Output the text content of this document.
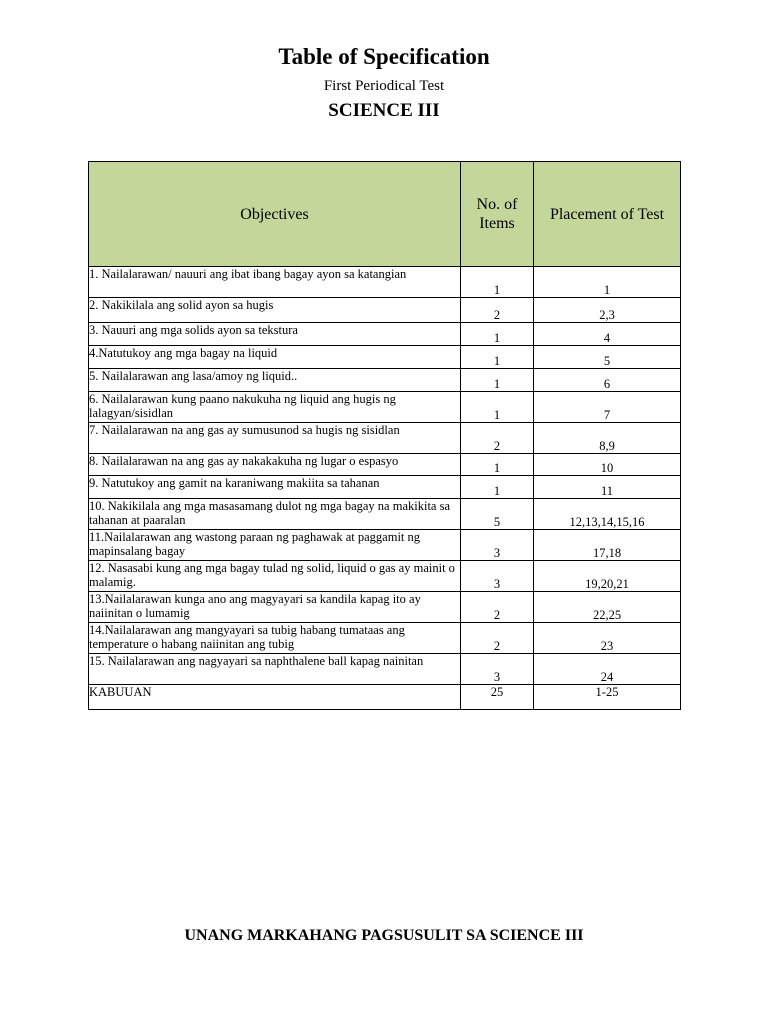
Table of Specification
First Periodical Test
SCIENCE III
Objectives	No. of Items	Placement of Test
1. Nailalarawan/ nauuri ang ibat ibang bagay ayon sa katangian	1	1
2. Nakikilala ang solid ayon sa hugis	2	2,3
3. Nauuri ang mga solids ayon sa tekstura	1	4
4.Natutukoy ang mga bagay na liquid	1	5
5. Nailalarawan ang lasa/amoy ng liquid..	1	6
6. Nailalarawan kung paano nakukuha ng liquid ang hugis ng lalagyan/sisidlan	1	7
7. Nailalarawan na ang gas ay sumusunod sa hugis ng sisidlan	2	8,9
8. Nailalarawan na ang gas ay nakakakuha ng lugar o espasyo	1	10
9. Natutukoy ang gamit na karaniwang makiita sa tahanan	1	11
10. Nakikilala ang mga masasamang dulot ng mga bagay na makikita sa tahanan at paaralan	5	12,13,14,15,16
11.Nailalarawan ang wastong paraan ng paghawak at paggamit ng mapinsalang bagay	3	17,18
12. Nasasabi kung ang mga bagay tulad ng solid, liquid o gas ay mainit o malamig.	3	19,20,21
13.Nailalarawan kunga ano ang magyayari sa kandila kapag ito ay naiinitan o lumamig	2	22,25
14.Nailalarawan ang mangyayari sa tubig habang tumataas ang temperature o habang naiinitan ang tubig	2	23
15. Nailalarawan ang nagyayari sa naphthalene ball kapag nainitan	3	24
KABUUAN	25	1-25
UNANG MARKAHANG PAGSUSULIT SA SCIENCE III
